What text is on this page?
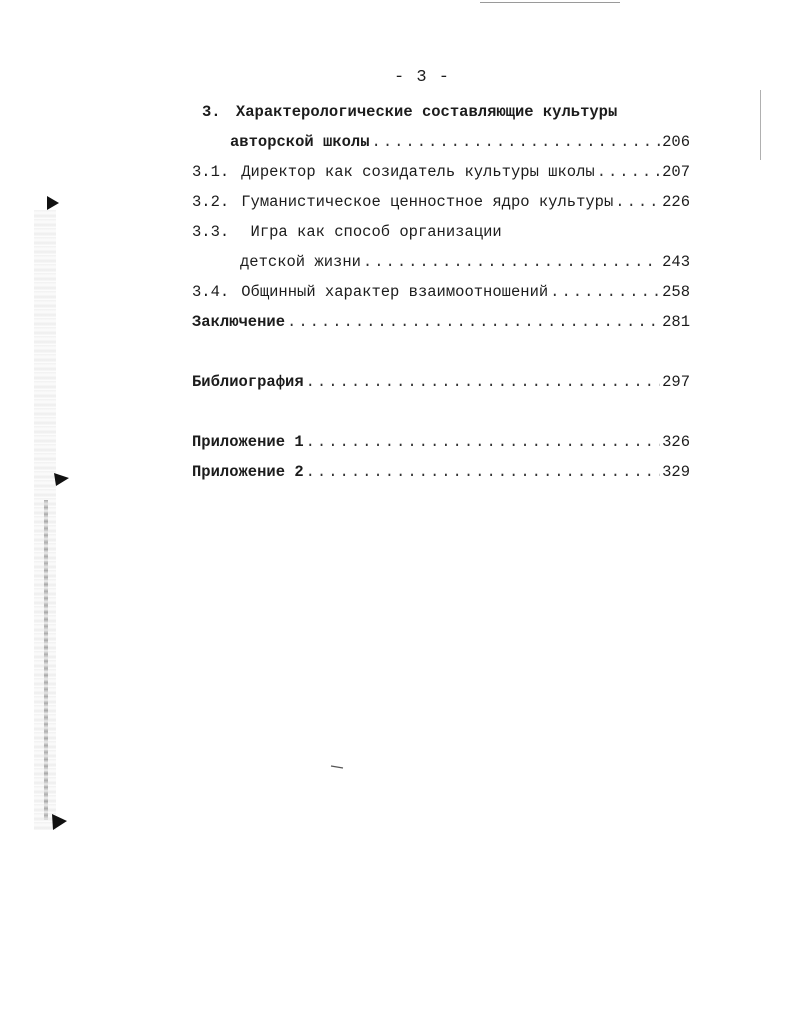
- 3 -
3. Характерологические составляющие культуры
авторской школы .....	206
3.1. Директор как созидатель культуры школы .....	207
3.2. Гуманистическое ценностное ядро культуры .....	226
3.3. Игра как способ организации
детской жизни .....	243
3.4. Общинный характер взаимоотношений .....	258
Заключение .....	281
Библиография .....	297
Приложение 1 .....	326
Приложение 2 .....	329
